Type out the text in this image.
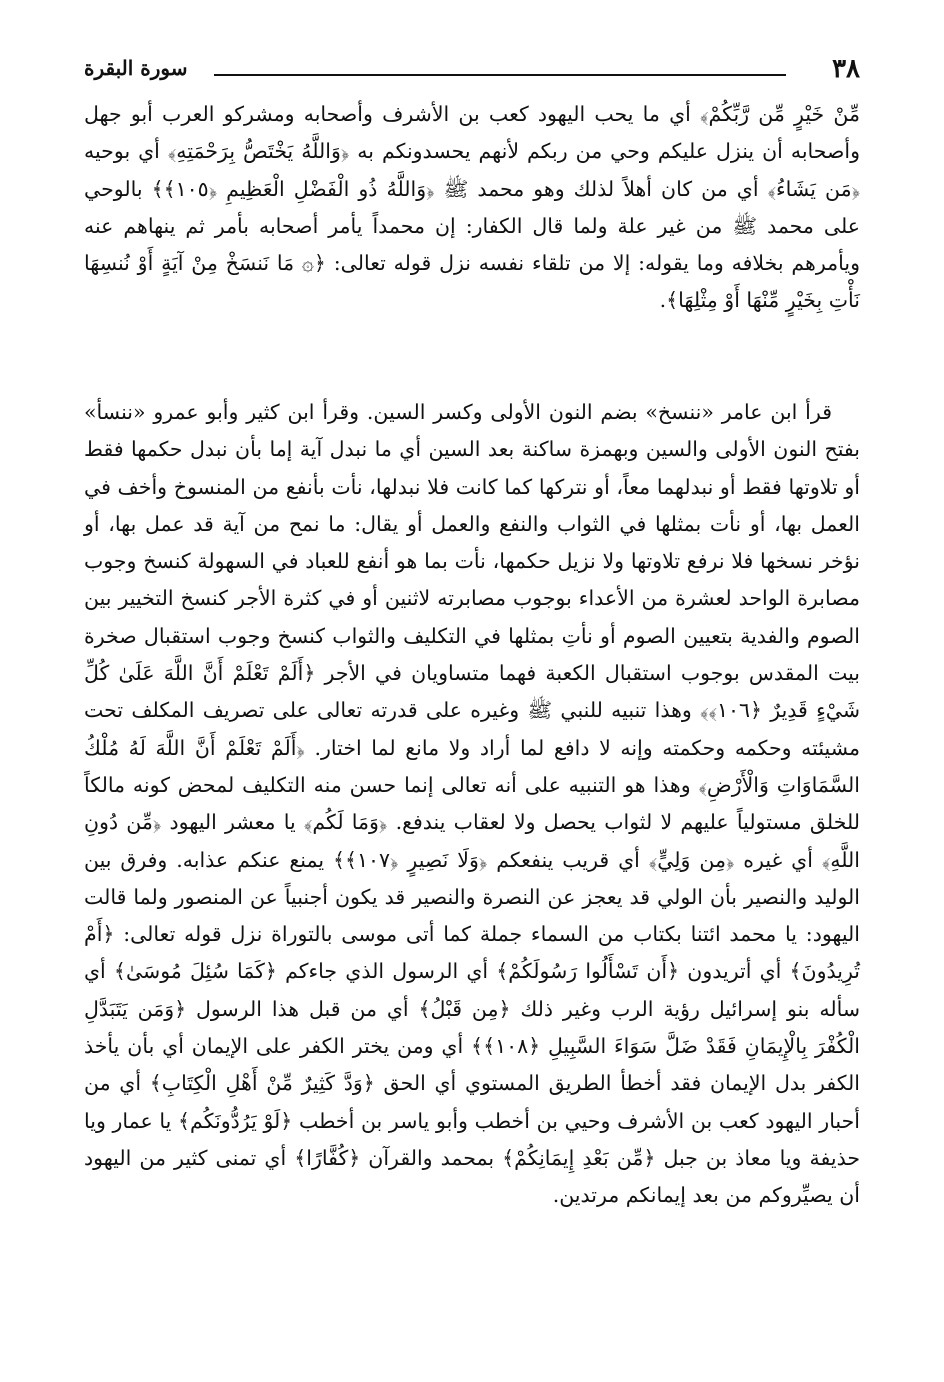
٣٨
سورة البقرة

مِّنْ خَيْرٍ مِّن رَّبِّكُمْ﴾ أي ما يحب اليهود كعب بن الأشرف وأصحابه ومشركو العرب أبو جهل وأصحابه أن ينزل عليكم وحي من ربكم لأنهم يحسدونكم به ﴿وَاللَّهُ يَخْتَصُّ بِرَحْمَتِهِ﴾ أي بوحيه ﴿مَن يَشَاءُ﴾ أي من كان أهلاً لذلك وهو محمد ﷺ ﴿وَاللَّهُ ذُو الْفَضْلِ الْعَظِيمِ ﴿١٠٥﴾﴾ بالوحي على محمد ﷺ من غير علة ولما قال الكفار: إن محمداً يأمر أصحابه بأمر ثم ينهاهم عنه ويأمرهم بخلافه وما يقوله: إلا من تلقاء نفسه نزل قوله تعالى: ﴿۞ مَا نَنسَخْ مِنْ آيَةٍ أَوْ نُنسِهَا نَأْتِ بِخَيْرٍ مِّنْهَا أَوْ مِثْلِهَا﴾.

قرأ ابن عامر «ننسخ» بضم النون الأولى وكسر السين. وقرأ ابن كثير وأبو عمرو «ننسأ» بفتح النون الأولى والسين وبهمزة ساكنة بعد السين أي ما نبدل آية إما بأن نبدل حكمها فقط أو تلاوتها فقط أو نبدلهما معاً، أو نتركها كما كانت فلا نبدلها، نأت بأنفع من المنسوخ وأخف في العمل بها، أو نأت بمثلها في الثواب والنفع والعمل أو يقال: ما نمح من آية قد عمل بها، أو نؤخر نسخها فلا نرفع تلاوتها ولا نزيل حكمها، نأت بما هو أنفع للعباد في السهولة كنسخ وجوب مصابرة الواحد لعشرة من الأعداء بوجوب مصابرته لاثنين أو في كثرة الأجر كنسخ التخيير بين الصوم والفدية بتعيين الصوم أو نأتِ بمثلها في التكليف والثواب كنسخ وجوب استقبال صخرة بيت المقدس بوجوب استقبال الكعبة فهما متساويان في الأجر ﴿أَلَمْ تَعْلَمْ أَنَّ اللَّهَ عَلَىٰ كُلِّ شَيْءٍ قَدِيرٌ ﴿١٠٦﴾﴾ وهذا تنبيه للنبي ﷺ وغيره على قدرته تعالى على تصريف المكلف تحت مشيئته وحكمه وحكمته وإنه لا دافع لما أراد ولا مانع لما اختار. ﴿أَلَمْ تَعْلَمْ أَنَّ اللَّهَ لَهُ مُلْكُ السَّمَاوَاتِ وَالْأَرْضِ﴾ وهذا هو التنبيه على أنه تعالى إنما حسن منه التكليف لمحض كونه مالكاً للخلق مستولياً عليهم لا لثواب يحصل ولا لعقاب يندفع. ﴿وَمَا لَكُم﴾ يا معشر اليهود ﴿مِّن دُونِ اللَّهِ﴾ أي غيره ﴿مِن وَلِيٍّ﴾ أي قريب ينفعكم ﴿وَلَا نَصِيرٍ ﴿١٠٧﴾﴾ يمنع عنكم عذابه. وفرق بين الوليد والنصير بأن الولي قد يعجز عن النصرة والنصير قد يكون أجنبياً عن المنصور ولما قالت اليهود: يا محمد ائتنا بكتاب من السماء جملة كما أتى موسى بالتوراة نزل قوله تعالى: ﴿أَمْ تُرِيدُونَ﴾ أي أتريدون ﴿أَن تَسْأَلُوا رَسُولَكُمْ﴾ أي الرسول الذي جاءكم ﴿كَمَا سُئِلَ مُوسَىٰ﴾ أي سأله بنو إسرائيل رؤية الرب وغير ذلك ﴿مِن قَبْلُ﴾ أي من قبل هذا الرسول ﴿وَمَن يَتَبَدَّلِ الْكُفْرَ بِالْإِيمَانِ فَقَدْ ضَلَّ سَوَاءَ السَّبِيلِ ﴿١٠٨﴾﴾ أي ومن يختر الكفر على الإيمان أي بأن يأخذ الكفر بدل الإيمان فقد أخطأ الطريق المستوي أي الحق ﴿وَدَّ كَثِيرٌ مِّنْ أَهْلِ الْكِتَابِ﴾ أي من أحبار اليهود كعب بن الأشرف وحيي بن أخطب وأبو ياسر بن أخطب ﴿لَوْ يَرُدُّونَكُم﴾ يا عمار ويا حذيفة ويا معاذ بن جبل ﴿مِّن بَعْدِ إِيمَانِكُمْ﴾ بمحمد والقرآن ﴿كُفَّارًا﴾ أي تمنى كثير من اليهود أن يصيِّروكم من بعد إيمانكم مرتدين.
